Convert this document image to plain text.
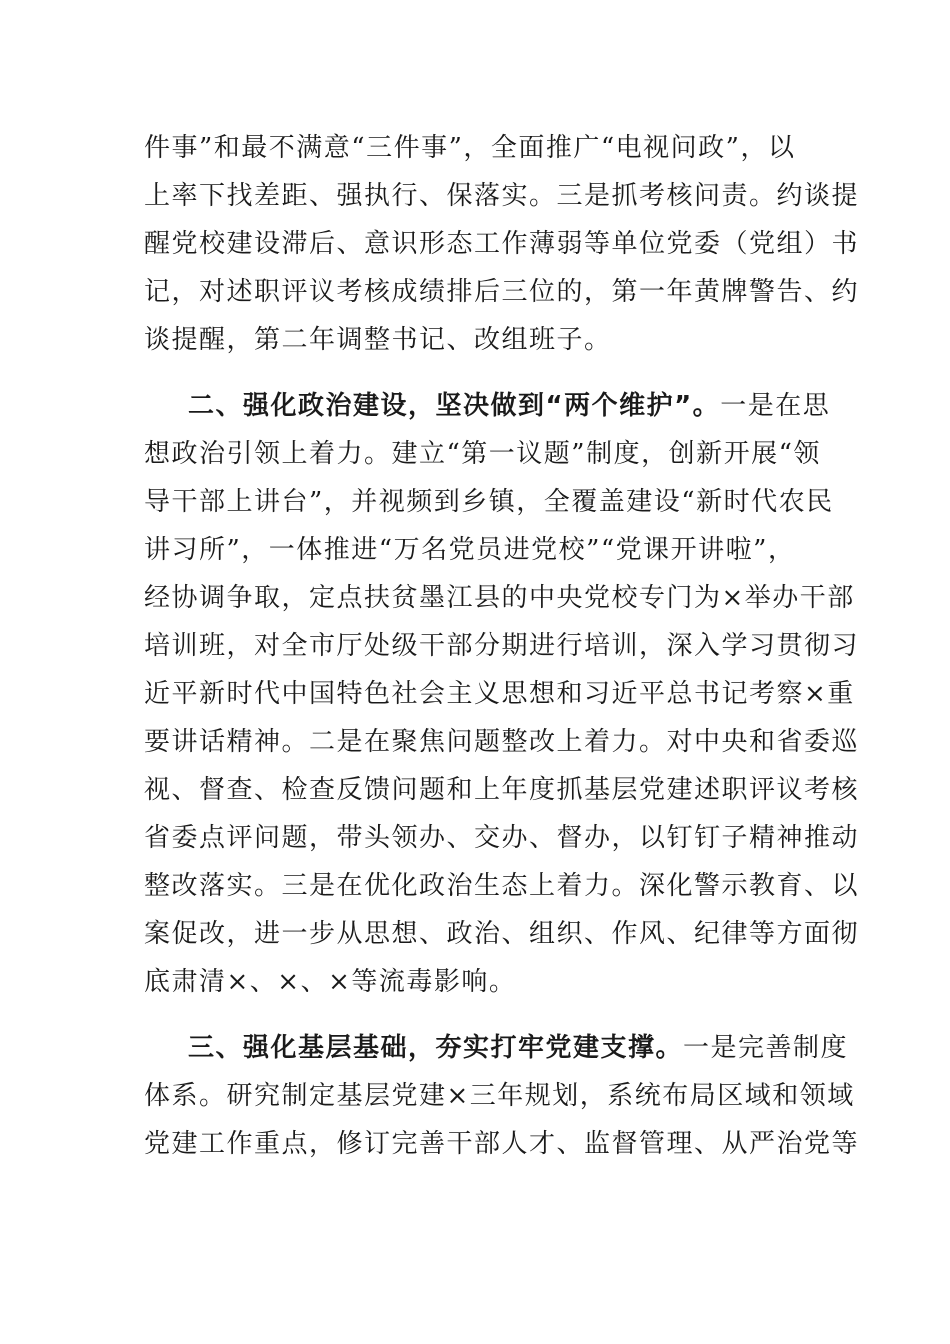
件事”和最不满意“三件事”，全面推广“电视问政”，以
上率下找差距、强执行、保落实。三是抓考核问责。约谈提
醒党校建设滞后、意识形态工作薄弱等单位党委（党组）书
记，对述职评议考核成绩排后三位的，第一年黄牌警告、约
谈提醒，第二年调整书记、改组班子。
二、强化政治建设，坚决做到“两个维护”。一是在思
想政治引领上着力。建立“第一议题”制度，创新开展“领
导干部上讲台”，并视频到乡镇，全覆盖建设“新时代农民
讲习所”，一体推进“万名党员进党校”“党课开讲啦”，
经协调争取，定点扶贫墨江县的中央党校专门为×举办干部
培训班，对全市厅处级干部分期进行培训，深入学习贯彻习
近平新时代中国特色社会主义思想和习近平总书记考察×重
要讲话精神。二是在聚焦问题整改上着力。对中央和省委巡
视、督查、检查反馈问题和上年度抓基层党建述职评议考核
省委点评问题，带头领办、交办、督办，以钉钉子精神推动
整改落实。三是在优化政治生态上着力。深化警示教育、以
案促改，进一步从思想、政治、组织、作风、纪律等方面彻
底肃清×、×、×等流毒影响。
三、强化基层基础，夯实打牢党建支撑。一是完善制度
体系。研究制定基层党建×三年规划，系统布局区域和领域
党建工作重点，修订完善干部人才、监督管理、从严治党等
